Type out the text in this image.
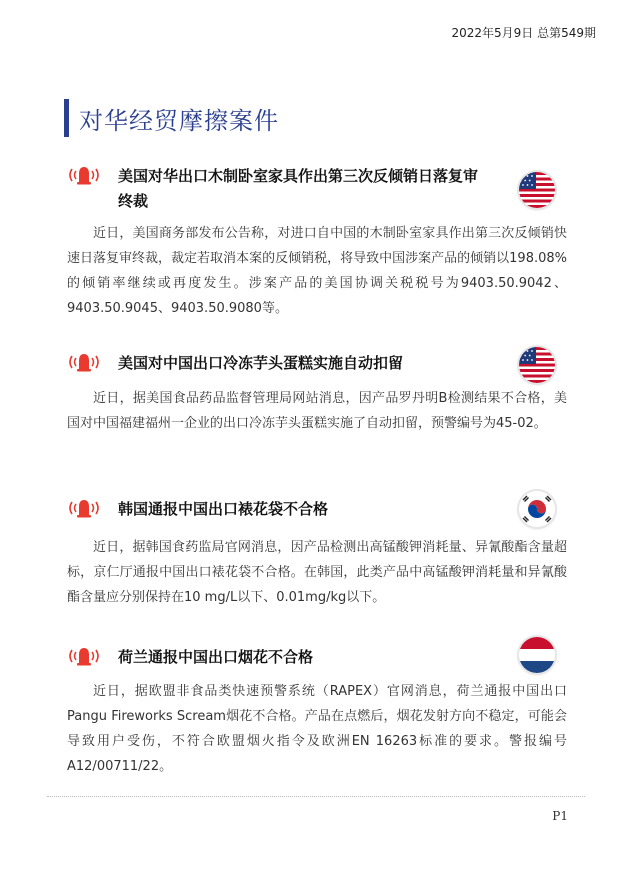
2022年5月9日 总第549期
对华经贸摩擦案件
美国对华出口木制卧室家具作出第三次反倾销日落复审终裁
近日，美国商务部发布公告称，对进口自中国的木制卧室家具作出第三次反倾销快速日落复审终裁，裁定若取消本案的反倾销税，将导致中国涉案产品的倾销以198.08%的倾销率继续或再度发生。涉案产品的美国协调关税税号为9403.50.9042、9403.50.9045、9403.50.9080等。
美国对中国出口冷冻芋头蛋糕实施自动扣留
近日，据美国食品药品监督管理局网站消息，因产品罗丹明B检测结果不合格，美国对中国福建福州一企业的出口冷冻芋头蛋糕实施了自动扣留，预警编号为45-02。
韩国通报中国出口裱花袋不合格
近日，据韩国食药监局官网消息，因产品检测出高锰酸钾消耗量、异氰酸酯含量超标，京仁厅通报中国出口裱花袋不合格。在韩国，此类产品中高锰酸钾消耗量和异氰酸酯含量应分别保持在10 mg/L以下、0.01mg/kg以下。
荷兰通报中国出口烟花不合格
近日，据欧盟非食品类快速预警系统（RAPEX）官网消息，荷兰通报中国出口Pangu Fireworks Scream烟花不合格。产品在点燃后，烟花发射方向不稳定，可能会导致用户受伤，不符合欧盟烟火指令及欧洲EN 16263标准的要求。警报编号A12/00711/22。
P1
